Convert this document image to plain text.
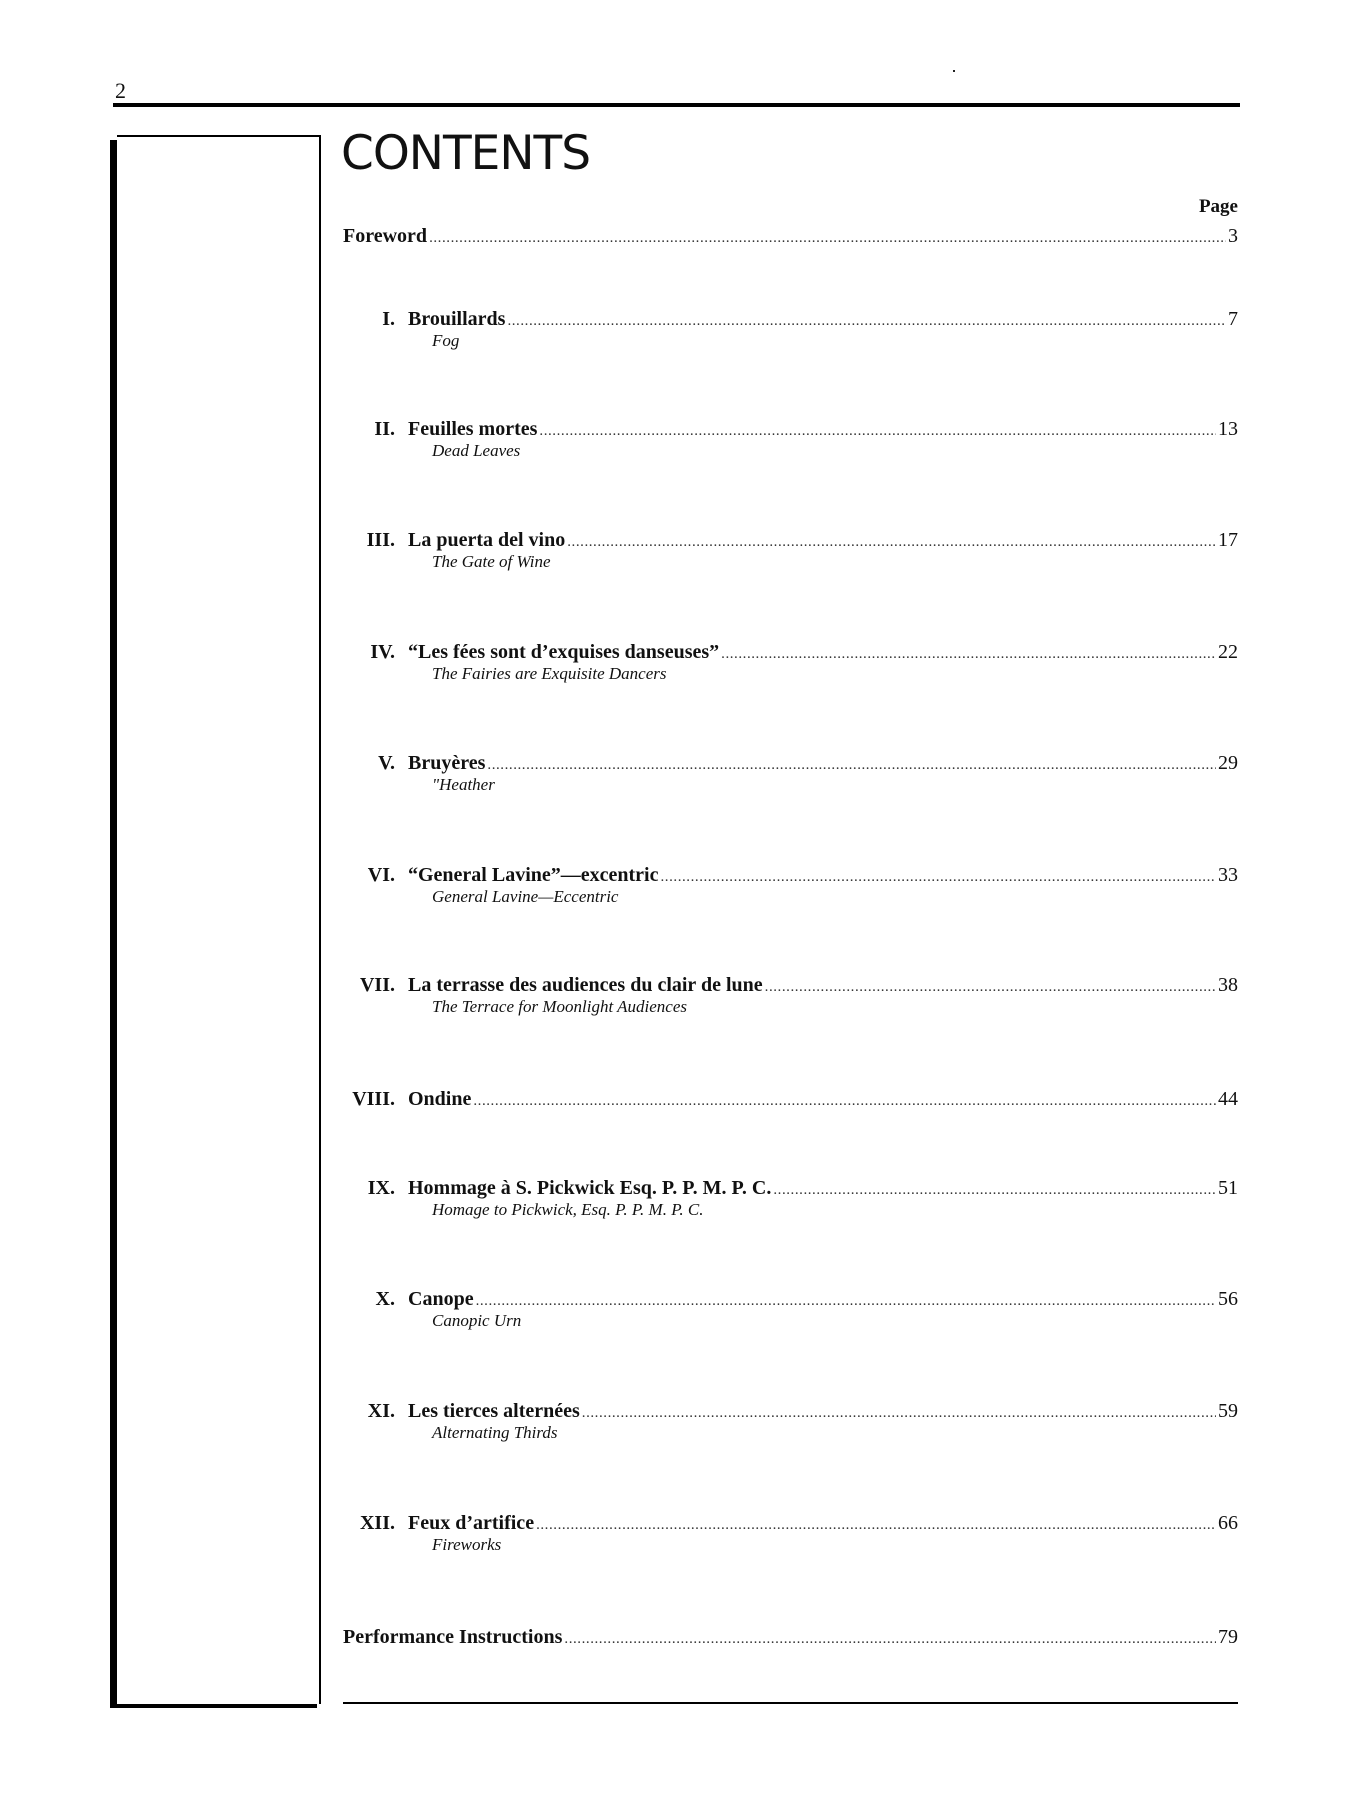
2
CONTENTS
Page
Foreword . . .	3
I. Brouillards . . .	7
Fog
II. Feuilles mortes . . .	13
Dead Leaves
III. La puerta del vino . . .	17
The Gate of Wine
IV. “Les fées sont d’exquises danseuses” . . .	22
The Fairies are Exquisite Dancers
V. Bruyères . . .	29
"Heather
VI. “General Lavine”—excentric . . .	33
General Lavine—Eccentric
VII. La terrasse des audiences du clair de lune . . .	38
The Terrace for Moonlight Audiences
VIII. Ondine . . .	44
IX. Hommage à S. Pickwick Esq. P. P. M. P. C. . . .	51
Homage to Pickwick, Esq. P. P. M. P. C.
X. Canope . . .	56
Canopic Urn
XI. Les tierces alternées . . .	59
Alternating Thirds
XII. Feux d’artifice . . .	66
Fireworks
Performance Instructions . . .	79
